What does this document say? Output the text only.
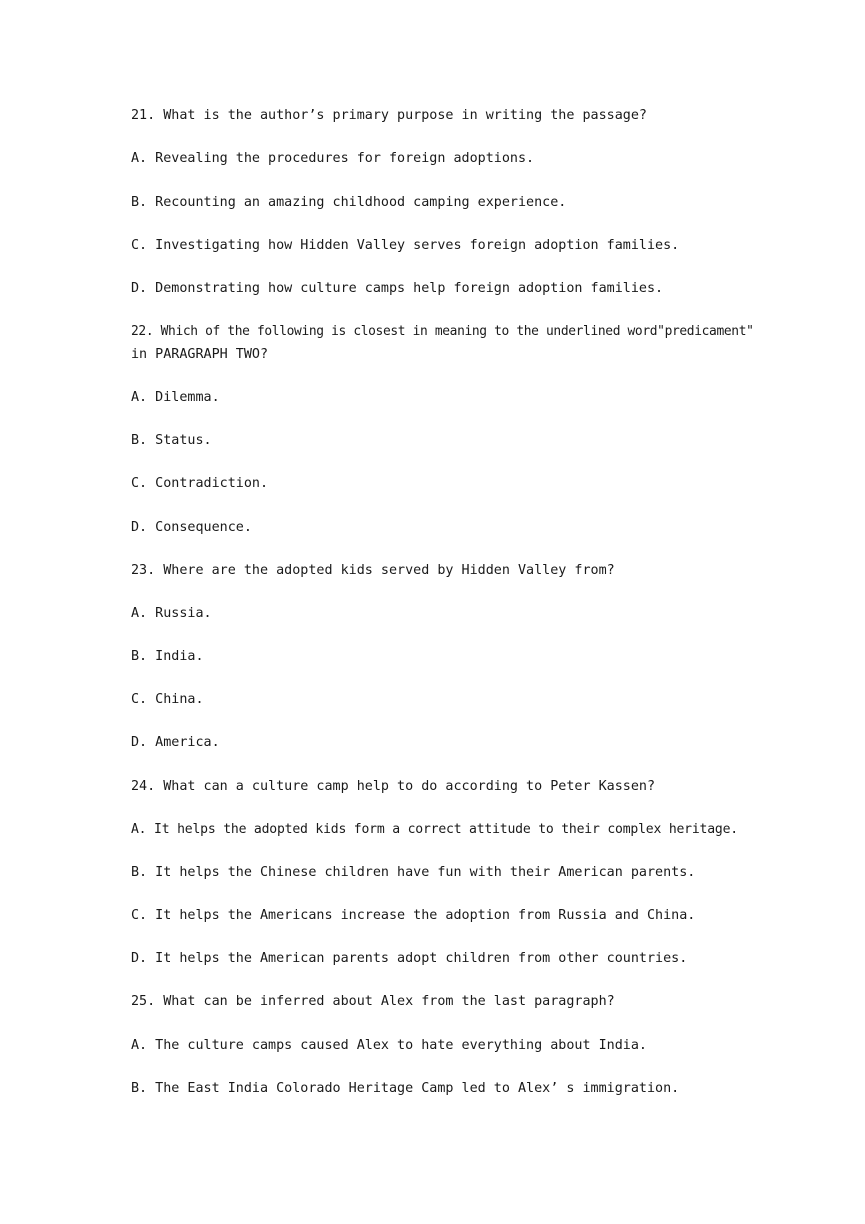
21. What is the author’s primary purpose in writing the passage?
A. Revealing the procedures for foreign adoptions.
B. Recounting an amazing childhood camping experience.
C. Investigating how Hidden Valley serves foreign adoption families.
D. Demonstrating how culture camps help foreign adoption families.
22. Which of the following is closest in meaning to the underlined word"predicament"
in PARAGRAPH TWO?
A. Dilemma.
B. Status.
C. Contradiction.
D. Consequence.
23. Where are the adopted kids served by Hidden Valley from?
A. Russia.
B. India.
C. China.
D. America.
24. What can a culture camp help to do according to Peter Kassen?
A. It helps the adopted kids form a correct attitude to their complex heritage.
B. It helps the Chinese children have fun with their American parents.
C. It helps the Americans increase the adoption from Russia and China.
D. It helps the American parents adopt children from other countries.
25. What can be inferred about Alex from the last paragraph?
A. The culture camps caused Alex to hate everything about India.
B. The East India Colorado Heritage Camp led to Alex’ s immigration.
